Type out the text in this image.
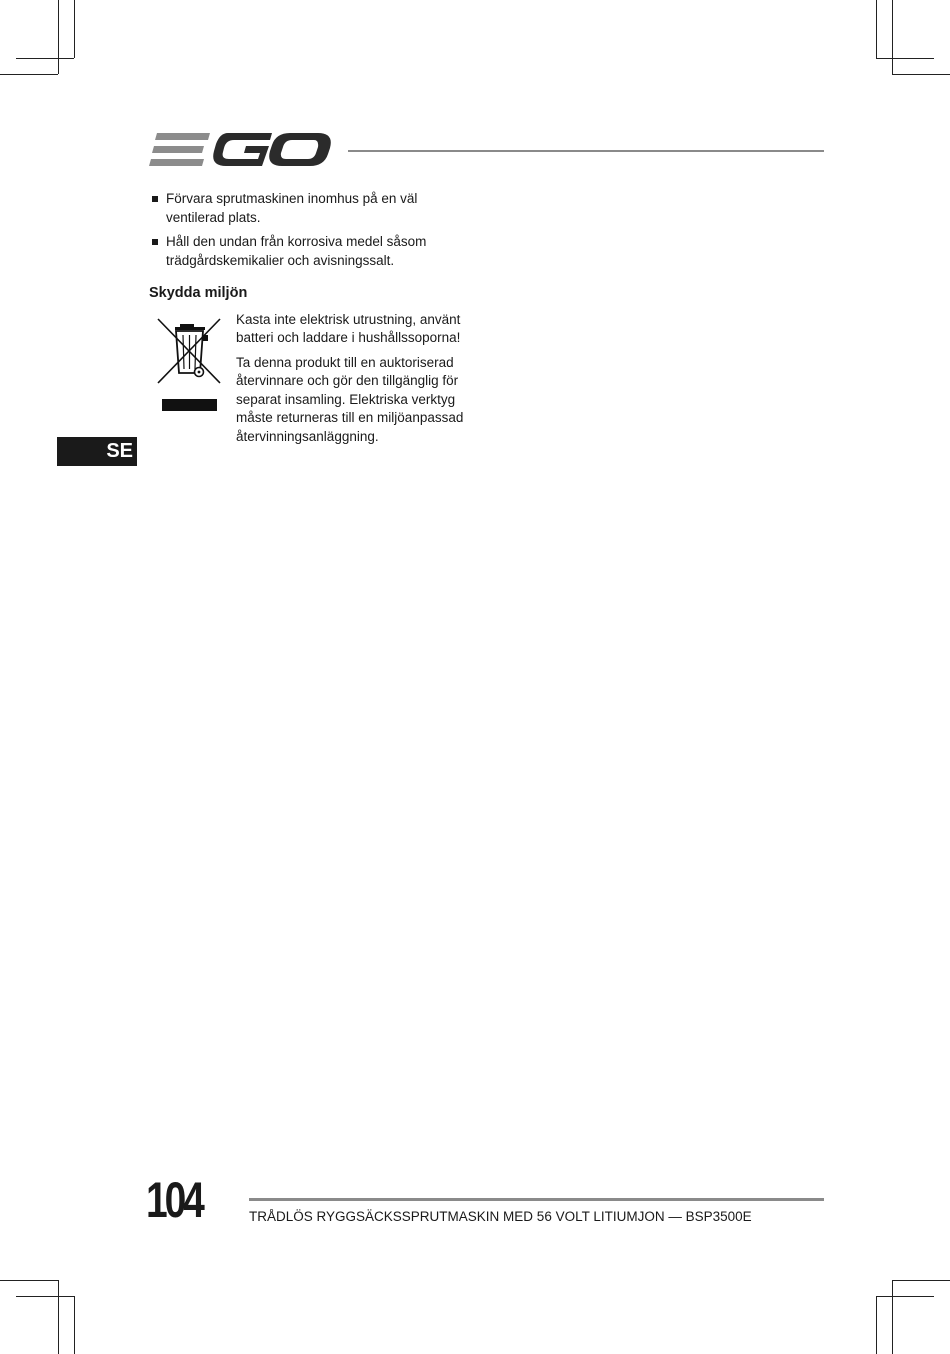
Förvara sprutmaskinen inomhus på en väl ventilerad plats.
Håll den undan från korrosiva medel såsom trädgårdskemikalier och avisningssalt.
Skydda miljön

Kasta inte elektrisk utrustning, använt batteri och laddare i hushållssoporna!

Ta denna produkt till en auktoriserad återvinnare och gör den tillgänglig för separat insamling. Elektriska verktyg måste returneras till en miljöanpassad återvinningsanläggning.

SE
104	TRÅDLÖS RYGGSÄCKSSPRUTMASKIN MED 56 VOLT LITIUMJON — BSP3500E
